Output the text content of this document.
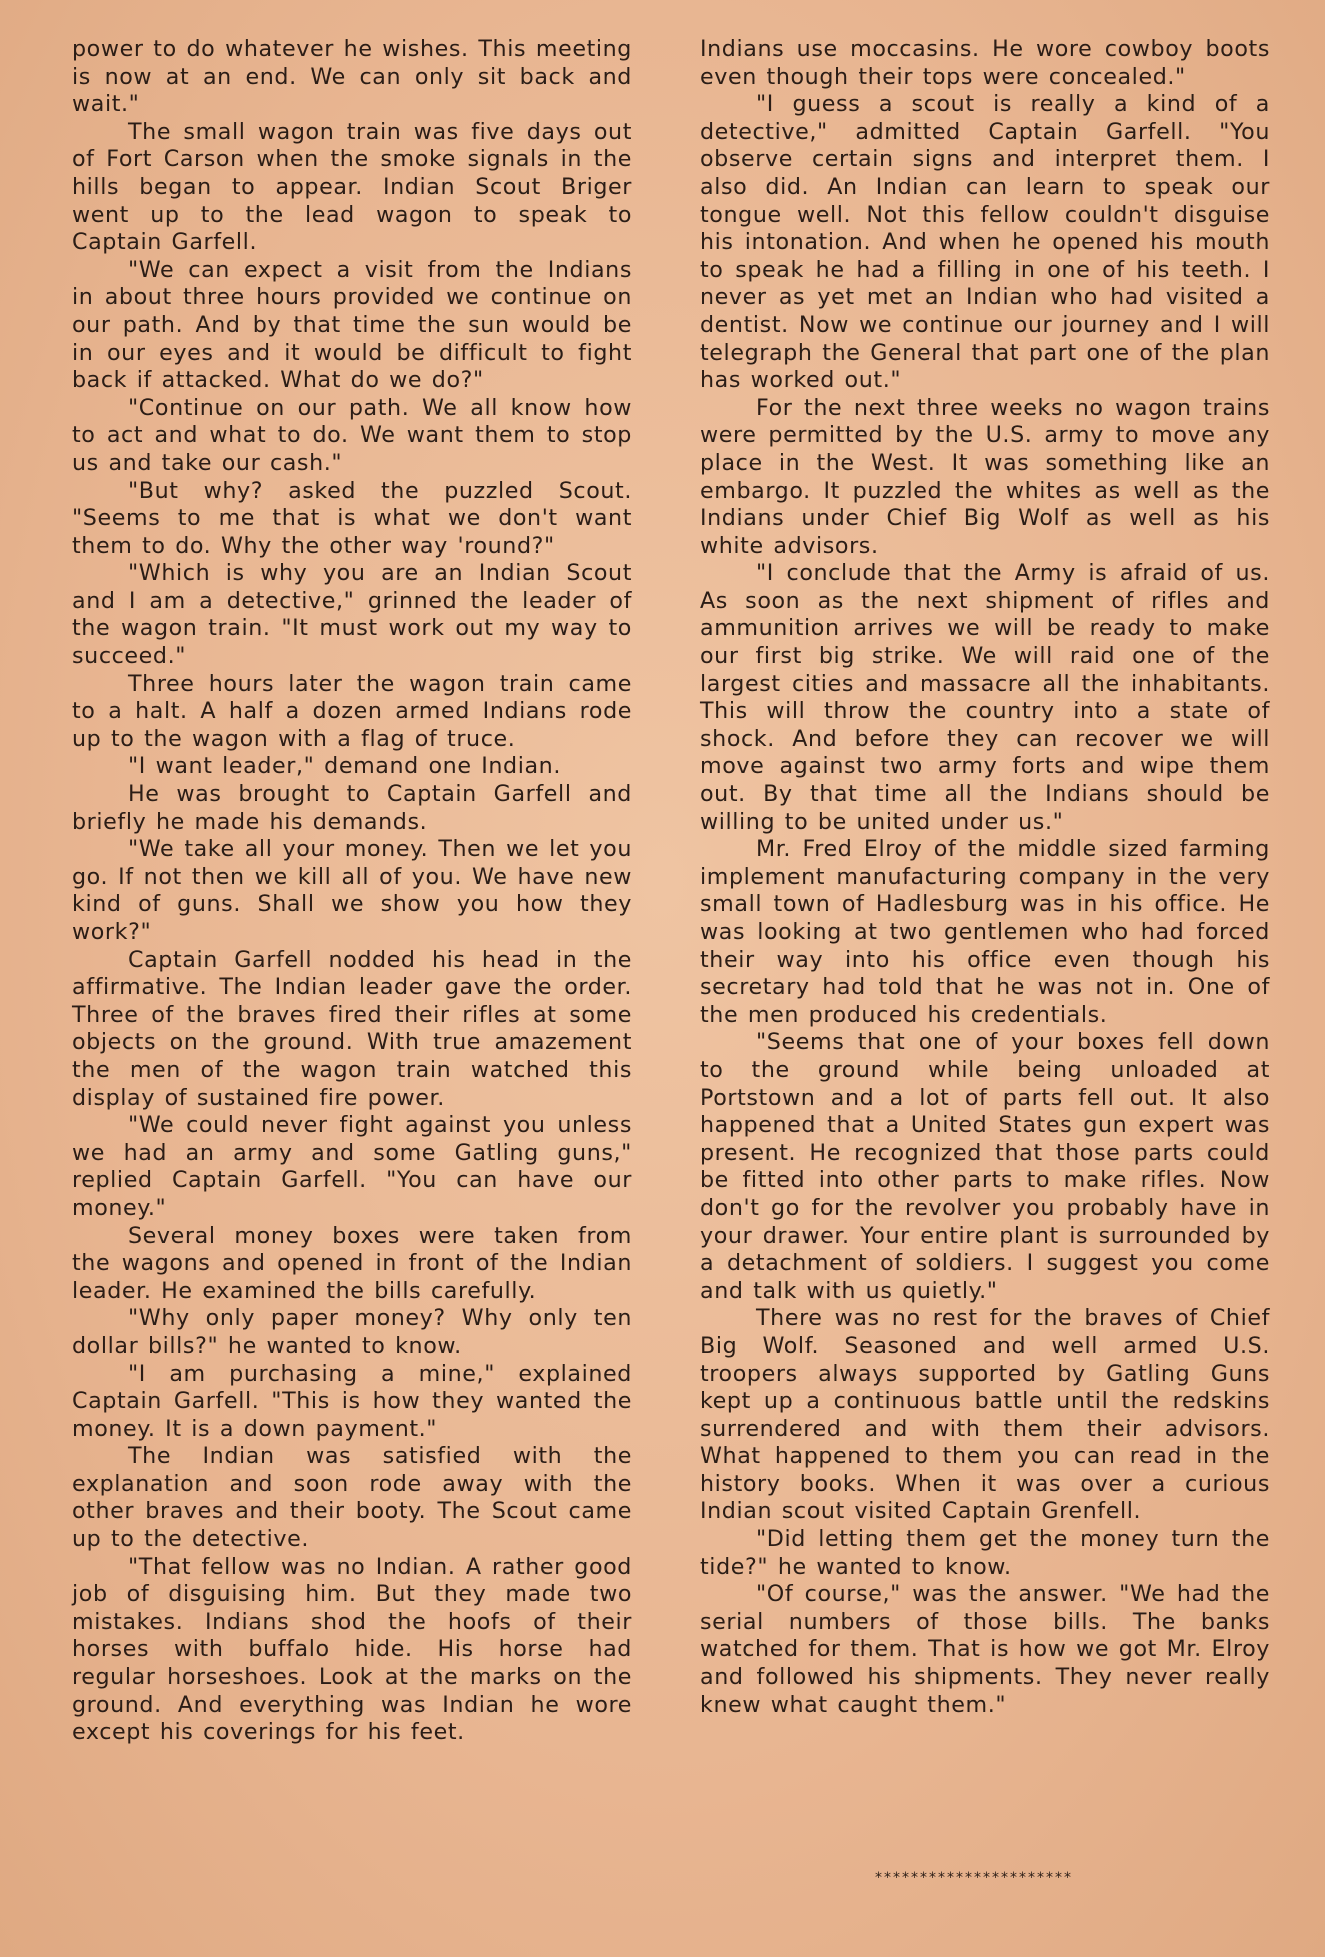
power to do whatever he wishes. This meeting is now at an end. We can only sit back and wait."

The small wagon train was five days out of Fort Carson when the smoke signals in the hills began to appear. Indian Scout Briger went up to the lead wagon to speak to Captain Garfell.

"We can expect a visit from the Indians in about three hours provided we continue on our path. And by that time the sun would be in our eyes and it would be difficult to fight back if attacked. What do we do?"

"Continue on our path. We all know how to act and what to do. We want them to stop us and take our cash."

"But why? asked the puzzled Scout. "Seems to me that is what we don't want them to do. Why the other way 'round?"

"Which is why you are an Indian Scout and I am a detective," grinned the leader of the wagon train. "It must work out my way to succeed."

Three hours later the wagon train came to a halt. A half a dozen armed Indians rode up to the wagon with a flag of truce.

"I want leader," demand one Indian.

He was brought to Captain Garfell and briefly he made his demands.

"We take all your money. Then we let you go. If not then we kill all of you. We have new kind of guns. Shall we show you how they work?"

Captain Garfell nodded his head in the affirmative. The Indian leader gave the order. Three of the braves fired their rifles at some objects on the ground. With true amazement the men of the wagon train watched this display of sustained fire power.

"We could never fight against you unless we had an army and some Gatling guns," replied Captain Garfell. "You can have our money."

Several money boxes were taken from the wagons and opened in front of the Indian leader. He examined the bills carefully.

"Why only paper money? Why only ten dollar bills?" he wanted to know.

"I am purchasing a mine," explained Captain Garfell. "This is how they wanted the money. It is a down payment."

The Indian was satisfied with the explanation and soon rode away with the other braves and their booty. The Scout came up to the detective.

"That fellow was no Indian. A rather good job of disguising him. But they made two mistakes. Indians shod the hoofs of their horses with buffalo hide. His horse had regular horseshoes. Look at the marks on the ground. And everything was Indian he wore except his coverings for his feet.

Indians use moccasins. He wore cowboy boots even though their tops were concealed."

"I guess a scout is really a kind of a detective," admitted Captain Garfell. "You observe certain signs and interpret them. I also did. An Indian can learn to speak our tongue well. Not this fellow couldn't disguise his intonation. And when he opened his mouth to speak he had a filling in one of his teeth. I never as yet met an Indian who had visited a dentist. Now we continue our journey and I will telegraph the General that part one of the plan has worked out."

For the next three weeks no wagon trains were permitted by the U.S. army to move any place in the West. It was something like an embargo. It puzzled the whites as well as the Indians under Chief Big Wolf as well as his white advisors.

"I conclude that the Army is afraid of us. As soon as the next shipment of rifles and ammunition arrives we will be ready to make our first big strike. We will raid one of the largest cities and massacre all the inhabitants. This will throw the country into a state of shock. And before they can recover we will move against two army forts and wipe them out. By that time all the Indians should be willing to be united under us."

Mr. Fred Elroy of the middle sized farming implement manufacturing company in the very small town of Hadlesburg was in his office. He was looking at two gentlemen who had forced their way into his office even though his secretary had told that he was not in. One of the men produced his credentials.

"Seems that one of your boxes fell down to the ground while being unloaded at Portstown and a lot of parts fell out. It also happened that a United States gun expert was present. He recognized that those parts could be fitted into other parts to make rifles. Now don't go for the revolver you probably have in your drawer. Your entire plant is surrounded by a detachment of soldiers. I suggest you come and talk with us quietly."

There was no rest for the braves of Chief Big Wolf. Seasoned and well armed U.S. troopers always supported by Gatling Guns kept up a continuous battle until the redskins surrendered and with them their advisors. What happened to them you can read in the history books. When it was over a curious Indian scout visited Captain Grenfell.

"Did letting them get the money turn the tide?" he wanted to know.

"Of course," was the answer. "We had the serial numbers of those bills. The banks watched for them. That is how we got Mr. Elroy and followed his shipments. They never really knew what caught them."

**********************
